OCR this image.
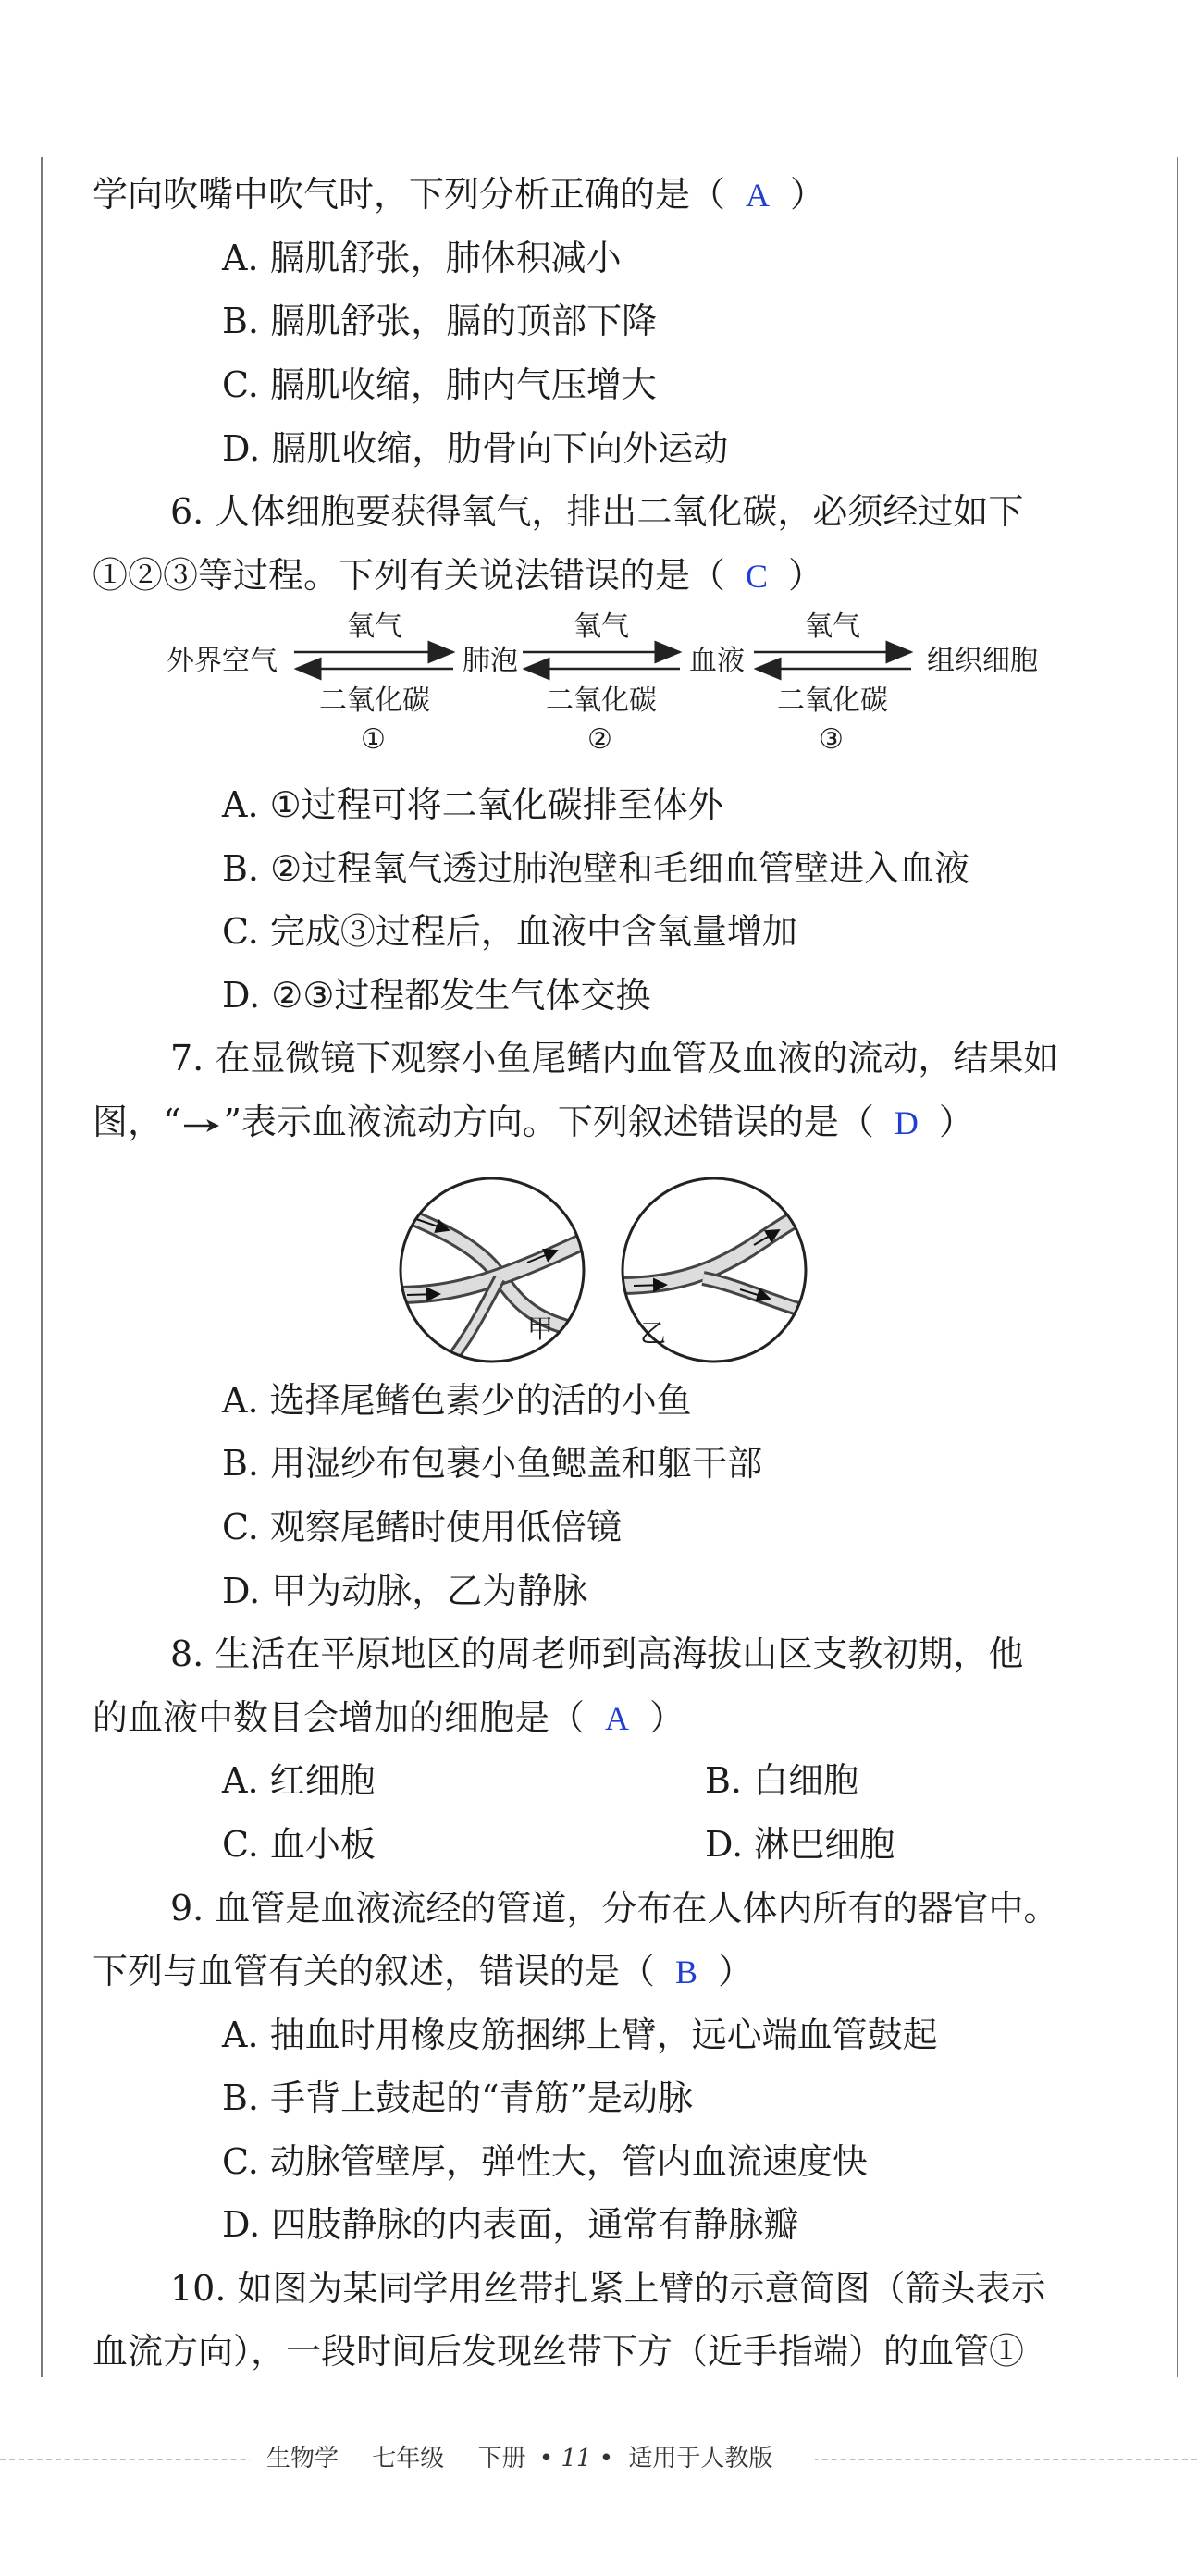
学向吹嘴中吹气时，下列分析正确的是（ A ）
A. 膈肌舒张，肺体积减小
B. 膈肌舒张，膈的顶部下降
C. 膈肌收缩，肺内气压增大
D. 膈肌收缩，肋骨向下向外运动
6. 人体细胞要获得氧气，排出二氧化碳，必须经过如下
①②③等过程。下列有关说法错误的是（ C ）
外界空气	肺泡	血液	组织细胞
氧气	氧气	氧气
二氧化碳	二氧化碳	二氧化碳
①	②	③
A. ①过程可将二氧化碳排至体外
B. ②过程氧气透过肺泡壁和毛细血管壁进入血液
C. 完成③过程后，血液中含氧量增加
D. ②③过程都发生气体交换
7. 在显微镜下观察小鱼尾鳍内血管及血液的流动，结果如
图，“ ”表示血液流动方向。下列叙述错误的是（ D ）
甲	乙
A. 选择尾鳍色素少的活的小鱼
B. 用湿纱布包裹小鱼鳃盖和躯干部
C. 观察尾鳍时使用低倍镜
D. 甲为动脉，乙为静脉
8. 生活在平原地区的周老师到高海拔山区支教初期，他
的血液中数目会增加的细胞是（ A ）
A. 红细胞	B. 白细胞
C. 血小板	D. 淋巴细胞
9. 血管是血液流经的管道，分布在人体内所有的器官中。
下列与血管有关的叙述，错误的是（ B ）
A. 抽血时用橡皮筋捆绑上臂，远心端血管鼓起
B. 手背上鼓起的“青筋”是动脉
C. 动脉管壁厚，弹性大，管内血流速度快
D. 四肢静脉的内表面，通常有静脉瓣
10. 如图为某同学用丝带扎紧上臂的示意简图（箭头表示
血流方向），一段时间后发现丝带下方（近手指端）的血管①
生物学 七年级 下册 • 11 • 适用于人教版
